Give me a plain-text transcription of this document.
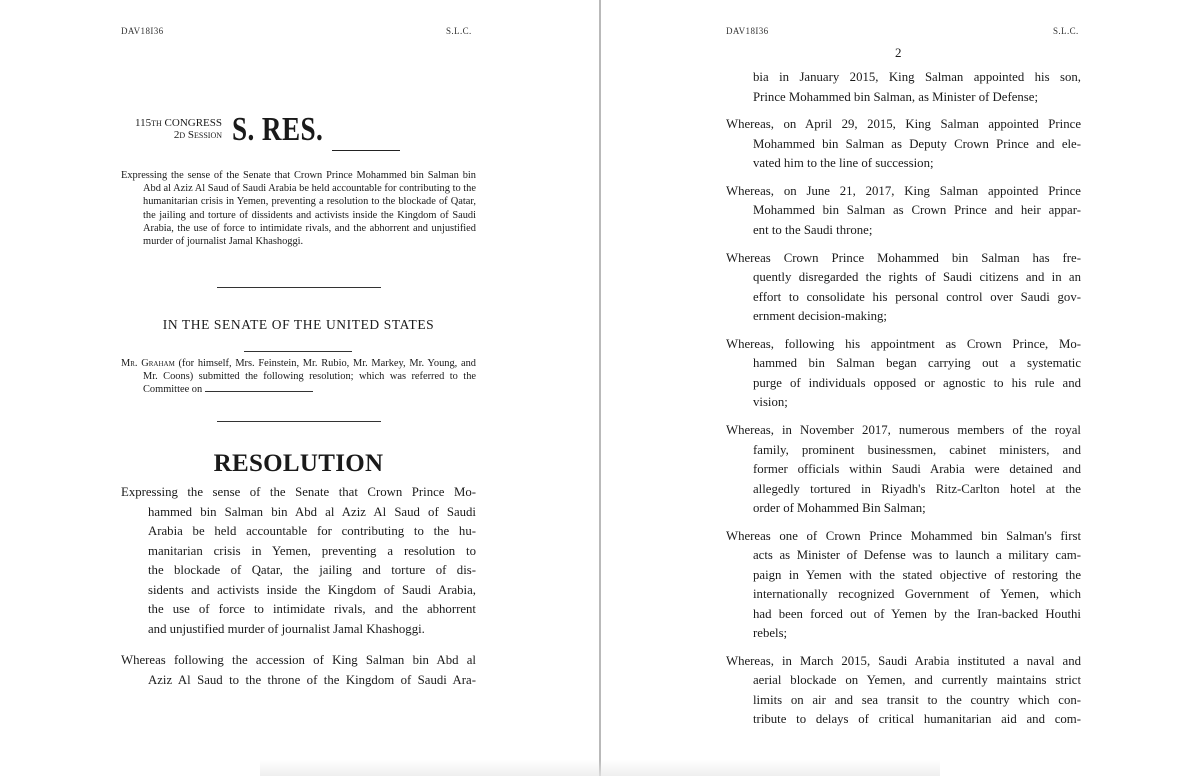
DAV18I36	S.L.C.
115th CONGRESS
2d Session S. RES.
Expressing the sense of the Senate that Crown Prince Mohammed bin Salman bin Abd al Aziz Al Saud of Saudi Arabia be held accountable for contributing to the humanitarian crisis in Yemen, preventing a resolution to the blockade of Qatar, the jailing and torture of dissidents and activists inside the Kingdom of Saudi Arabia, the use of force to intimidate rivals, and the abhorrent and unjustified murder of journalist Jamal Khashoggi.
IN THE SENATE OF THE UNITED STATES
Mr. Graham (for himself, Mrs. Feinstein, Mr. Rubio, Mr. Markey, Mr. Young, and Mr. Coons) submitted the following resolution; which was referred to the Committee on
RESOLUTION
Expressing the sense of the Senate that Crown Prince Mo-
hammed bin Salman bin Abd al Aziz Al Saud of Saudi
Arabia be held accountable for contributing to the hu-
manitarian crisis in Yemen, preventing a resolution to
the blockade of Qatar, the jailing and torture of dis-
sidents and activists inside the Kingdom of Saudi Arabia,
the use of force to intimidate rivals, and the abhorrent
and unjustified murder of journalist Jamal Khashoggi.
Whereas following the accession of King Salman bin Abd al
Aziz Al Saud to the throne of the Kingdom of Saudi Ara-
DAV18I36	S.L.C.
2
bia in January 2015, King Salman appointed his son,
Prince Mohammed bin Salman, as Minister of Defense;
Whereas, on April 29, 2015, King Salman appointed Prince
Mohammed bin Salman as Deputy Crown Prince and ele-
vated him to the line of succession;
Whereas, on June 21, 2017, King Salman appointed Prince
Mohammed bin Salman as Crown Prince and heir appar-
ent to the Saudi throne;
Whereas Crown Prince Mohammed bin Salman has fre-
quently disregarded the rights of Saudi citizens and in an
effort to consolidate his personal control over Saudi gov-
ernment decision-making;
Whereas, following his appointment as Crown Prince, Mo-
hammed bin Salman began carrying out a systematic
purge of individuals opposed or agnostic to his rule and
vision;
Whereas, in November 2017, numerous members of the royal
family, prominent businessmen, cabinet ministers, and
former officials within Saudi Arabia were detained and
allegedly tortured in Riyadh's Ritz-Carlton hotel at the
order of Mohammed Bin Salman;
Whereas one of Crown Prince Mohammed bin Salman's first
acts as Minister of Defense was to launch a military cam-
paign in Yemen with the stated objective of restoring the
internationally recognized Government of Yemen, which
had been forced out of Yemen by the Iran-backed Houthi
rebels;
Whereas, in March 2015, Saudi Arabia instituted a naval and
aerial blockade on Yemen, and currently maintains strict
limits on air and sea transit to the country which con-
tribute to delays of critical humanitarian aid and com-
